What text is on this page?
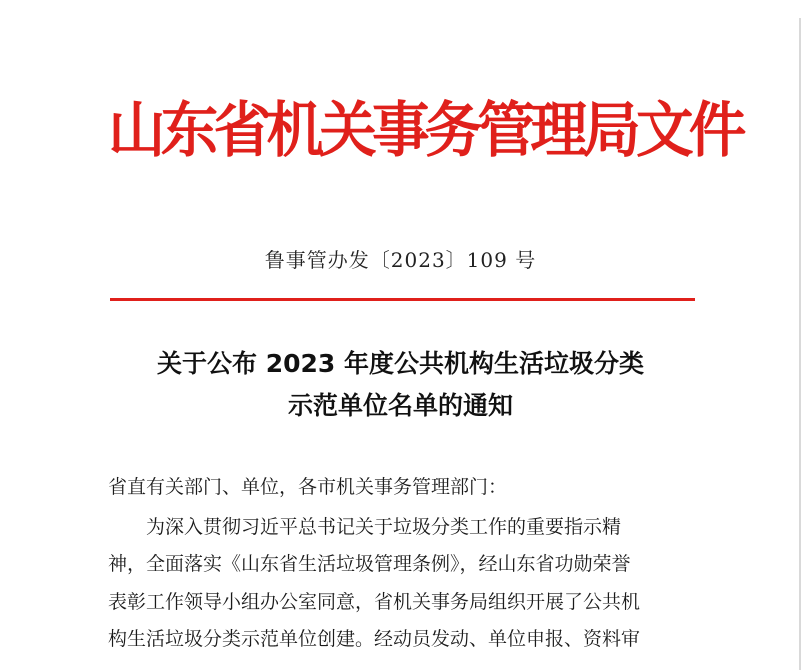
山东省机关事务管理局文件
鲁事管办发〔2023〕109 号
关于公布 2023 年度公共机构生活垃圾分类
示范单位名单的通知
省直有关部门、单位，各市机关事务管理部门：
为深入贯彻习近平总书记关于垃圾分类工作的重要指示精
神，全面落实《山东省生活垃圾管理条例》，经山东省功勋荣誉
表彰工作领导小组办公室同意，省机关事务局组织开展了公共机
构生活垃圾分类示范单位创建。经动员发动、单位申报、资料审
